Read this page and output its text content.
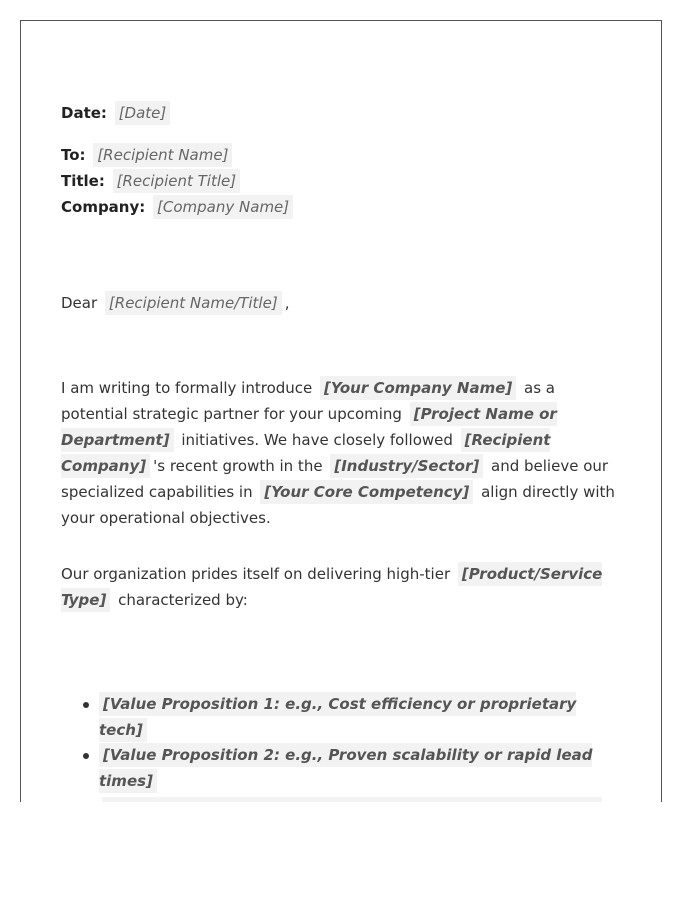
Date: [Date]
To: [Recipient Name]
Title: [Recipient Title]
Company: [Company Name]
Dear [Recipient Name/Title] ,
I am writing to formally introduce [Your Company Name] as a potential strategic partner for your upcoming [Project Name or Department] initiatives. We have closely followed [Recipient Company] 's recent growth in the [Industry/Sector] and believe our specialized capabilities in [Your Core Competency] align directly with your operational objectives.
Our organization prides itself on delivering high-tier [Product/Service Type] characterized by:
[Value Proposition 1: e.g., Cost efficiency or proprietary tech]
[Value Proposition 2: e.g., Proven scalability or rapid lead times]
